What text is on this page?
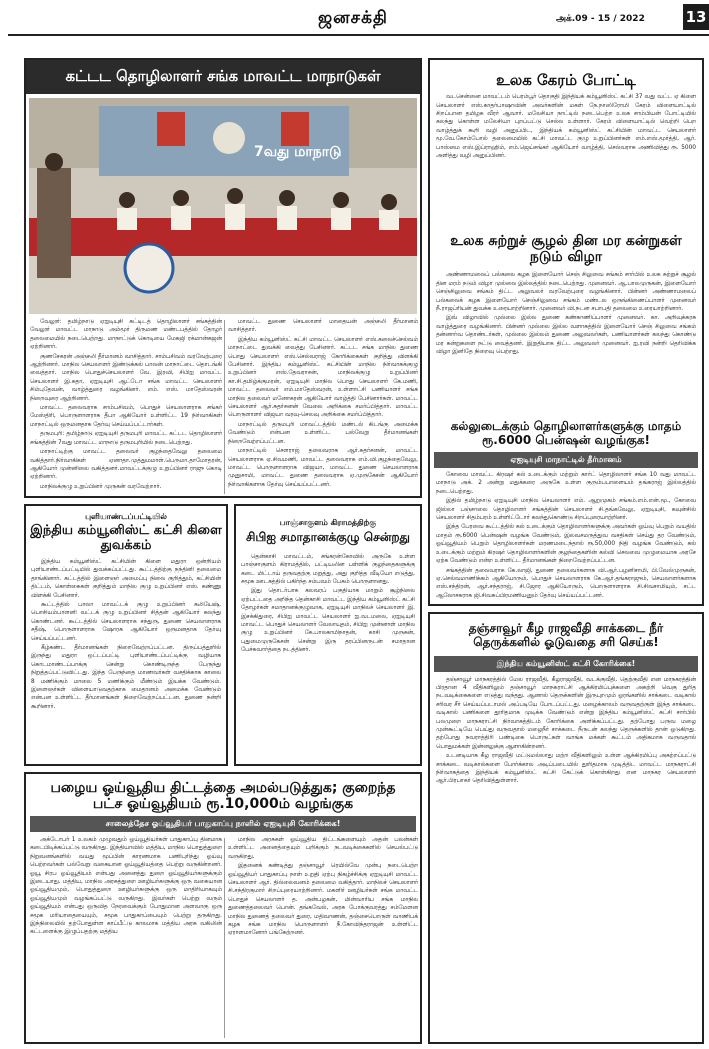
ஜனசக்தி	அக்.09 - 15 / 2022	13
கட்டட தொழிலாளர் சங்க மாவட்ட மாநாடுகள்
7வது மாநாடு

வேலூர்: தமிழ்நாடு ஏஐடியுசி கட்டிடத் தொழிலாளர் சங்கத்தின் வேலூர் மாவட்ட மாநாடு அம்மூர் திருமண மண்டபத்தில் தோழர் தலைமையில் நடைபெற்றது. மாநாட்டுக் கொடியை மேகஜி ரக்மான்கஜன் ஏற்றினார்.

குணசேகரன் அஞ்சலி தீர்மானம் வாசித்தார். சாம்பசிவம் வரவேற்புரை ஆற்றினார். மாநில செயலாளர் இண்டுக்கல் பாலன் மாநாட்டை தொடங்கி வைத்தார். மாநில பொதுச்செயலாளர் வே. இரவி, சிபிஐ மாவட்ட செயலாளர் இ.கதா, ஏஐடியுசி ஆட்டோ சங்க மாவட்ட செயலாளர் சிம்புதேவன், வாழ்த்துரை வழங்கினர். எம். எஸ். மாதேஸ்வரன் நிறைவுரை ஆற்றினார்.

மாவட்ட தலைவராக சாம்பசிவம், பொதுச் செயலாளராக சங்கர் மேஸ்திரி, பொருளாளராக தீபா ஆகியோர் உள்ளிட்ட 19 நிர்வாகிகள் மாநாட்டில் ஒருமனதாக தேர்வு செய்யப்பட்டார்கள்.

தருமபுரி: தமிழ்நாடு ஏஐடியுசி தருமபுரி மாவட்ட கட்டட தொழிலாளர் சங்கத்தின் 7வது மாவட்ட மாநாடு தருமபுரியில் நடைபெற்றது.

மாநாட்டிற்கு மாவட்ட தலைவர் குழந்தைவேலு தலைமை வகித்தார்.நிர்வாகிகள் ஏனாதா.முத்துமமாள்.பெருமா.தாமோதரன், ஆகியோர் முன்னிலை வகித்தனர்.மாவட்டக்குழு உறுப்பினர் ராஜு கொடி ஏற்றினார்.

மாநிலக்குழு உறுப்பினர் முருகன் வரவேற்றார்.

மாவட்ட துணை செயலாளர் மாதையன் அஞ்சலி தீர்மானம் வாசித்தார்.

இந்திய கம்யூனிஸ்ட் கட்சி மாவட்ட செயலாளர் எஸ்.கலைச்செல்வம் மாநாட்டை துவக்கி வைத்து பேசினார். கட்டட சங்க மாநில துணை பொது செயலாளர் எஸ்.செல்வராஜ் கோரிக்கைகள் குறித்து விளக்கி பேசினார். இந்திய கம்யூனிஸ்ட் கட்சியின் மாநில நிர்வாகக்குழு உறுப்பினர் எஸ்.தேவராசன், மாநிலக்குழு உறுப்பினர் கா.சி.தமிழ்க்குமரன், ஏஐடியுசி மாநில பொது செயலாளர் கே.மணி, மாவட்ட தலைவர் எம்.மாதேஸ்வரன், உள்ளாட்சி பணியாளர் சங்க மாநில தலைவர் மனோகரன் ஆகியோர் வாழ்த்தி பேசினார்கள். மாவட்ட செயலாளர் ஆர்.சுதர்சனன் வேலை அறிக்கை சமர்ப்பித்தார். மாவட்ட பொருளாளர் விஜயா வரவு-செலவு அறிக்கை சமர்ப்பித்தார்.

மாநாட்டில் தருமபுரி மாவட்டத்தில் மண்டல் கிடங்கு அமைக்க வேண்டும் என்பன உள்ளிட்ட பல்வேறு தீர்மானங்கள் நிறைவேற்றப்பட்டன.

மாநாட்டில் செளராஜ் தலைவராக ஆர்.சுதர்சனன், மாவட்ட செயலாளராக ஏ.சிவமணி, மாவட்ட தலைவராக எம்.வி.குழந்தைவேலு, மாவட்ட பொருளாளராக விஜயா, மாவட்ட துணை செயலாளராக முனுசாமி, மாவட்ட துணை தலைவராக ஏ.முருகேசன் ஆகியோர் நிர்வாகிகளாக தேர்வு செய்யப்பட்டனர்.

உலக கேரம் போட்டி

வடசென்னை மாவட்டம் பெரம்பூர் தொகுதி இந்தியக் கம்யூனிஸ்ட் கட்சி 37 வது வட்ட ஏ கிளை செயலாளர் எஸ்.காதர்பாஷாவின் அவர்களின் மகள் நே.நாஸிரோமி கேரம் விளையாட்டில் சிறப்பான தமிழக வீரர் ஆவார். மலேசியா நாட்டில் நடைபெற்ற உலக சாம்பியன் போட்டியில் கலந்து கொள்ள மலேசியா புறப்பட்டு செல்ல உள்ளார். கேரம் விளையாட்டில் வெற்றி பெற வாழ்த்துக் கூறி வழி அனுப்பிட, இந்தியக் கம்யூனிஸ்ட் கட்சியின் மாவட்ட செயலாளர் மூ.வே.கோம்போல் தலைமையில் கட்சி மாவட்ட குழு உறுப்பினர்கள் எம்.எஸ்.மூர்த்தி, ஆர். பாஸ்மை எஸ்.இப்ராஹிம், எம்.ஜெய்சங்கர் ஆகியோர் வாழ்த்தி, செல்வராசு அணிவித்து ரூ. 5000 அளித்து வழி அனுப்பினர்.

உலக சுற்றுச் சூழல் தின மர கன்றுகள் நடும் விழா

அண்ணாமலைப் பல்கலை கழக இளையோர் செஞ் சிலுவை சங்கம் சார்பில் உலக சுற்றுச் சூழல் தின மரம் நடும் விழா முல்லை இல்லத்தில் நடைபெற்றது. முனைவர். ஆ.பாலமுருகன், இளையோர் செஞ்சிலுவை சங்கம் திட்ட அலுவலர் வரவேற்புரை வழங்கினார். பின்னர் அண்ணாமலைப் பல்கலைக் கழக இளையோர் செஞ்சிலுவை சங்கம் மண்டல ஒருங்கிணைப்பாளர் முனைவர் நீ.ராஜப்ரியன் துவக்க உரையாற்றினார். முனைவர் வி.நடன சபாபதி தலைமை உரையாற்றினார்.

இவ் விழாவில் முல்லை இல்ல துணை கண்காணிப்பாளர் முனைவர். கா. அறிவுக்கரசு வாழ்த்துரை வழங்கினார். பின்னர் முல்லை இல்ல வளாகத்தில் இளையோர் செஞ் சிலுவை சங்கம் தன்னார்வ தொண்டர்கள், முல்லை இல்லம் துணை அலுவலர்கள், பணியாளர்கள் கலந்து கொண்டு மர கன்றுகளை நட்டு வைத்தனர். இறுதியாக திட்ட அலுவலர் முனைவர். ஐ.ரவி நன்றி தெரிவிக்க விழா இனிதே நிறைவு பெற்றது.

கல்லுடைக்கும் தொழிலாளர்களுக்கு மாதம் ரூ.6000 பென்ஷன் வழங்குக!
ஏஐடியுசி மாநாட்டில் தீர்மானம்

கோவை மாவட்ட கிரஷர் கல் உடைக்கும் மற்றும் கார்ட் தொழிலாளர் சங்க 10 வது மாவட்ட மாநாடு அக். 2 அன்று மதுக்கரை அருகே உள்ள குரும்பபாளையம் தங்கராஜ் இல்லத்தில் நடைபெற்றது.

இதில் தமிழ்நாடு ஏஐடியுசி மாநில செயலாளர் எம். ஆறுமுகம் சங்கம்.எம்.என்.மூ., கோவை ஜில்லா பஞ்சாலை தொழிலாளர் சங்கத்தின் செயலாளர் சி.தங்கவேலு, ஏஐடியுசி, கவுன்சில் செயலாளர் சிதம்பரம் உள்ளிட்டோர் கலந்துகொண்டு சிறப்புரையாற்றினர்.

இந்த பேரவை கூட்டத்தில் கல் உடைக்கும் தொழிலாளர்களுக்கு அவர்கள் ஓய்வு பெறும் வயதில் மாதம் ரூ.6000 பென்ஷன் வழங்க வேண்டும், இலவசமருத்துவ வசதிகள் செய்து தர வேண்டும், ஓய்வூதியம் பெறும் தொழிலாளர்கள் மரணமடைந்தால் ரூ.50,000 நிதி வழங்க வேண்டும், கல் உடைக்கும் மற்றும் கிரஷர் தொழிலாளர்களின் குழந்தைகளின் கல்வி செலவை முழுமையாக அரசே ஏற்க வேண்டும் என்ற உள்ளிட்ட தீர்மானங்கள் நிறைவேற்றப்பட்டன.

சங்கத்தின் தலைவராக கே.லாஜி, துணை தலைவர்களாக வி.ஆர்.பழனிசாமி, பி.வேல்முருகன், ஏ.செல்வமாணிக்கம் ஆகியோரும், பொதுச் செயலாளராக கே.ஆர்.தங்கராஜும், செயலாளர்களாக எஸ்.சந்திரன், ஆர்.சந்தராஜ், சி.ஜோர ஆகியோரும், பொருளாளராக சி.சிவசாமியும், சட்ட ஆலோசகராக ஜி.சிவசுப்பிரமணியனும் தேர்வு செய்யப்பட்டனர்.

புளியாண்டப்பட்டியில்
இந்திய கம்யூனிஸ்ட் கட்சி கிளை துவக்கம்

இந்திய கம்யூனிஸ்ட் கட்சியின் கிளை மதுரா ஒன்றியம் புளியாண்டப்பட்டியில் துவக்கப்பட்டது. கூட்டத்திற்கு நந்தினி தலைமை தாங்கினார். கட்டத்தில் இளைஞர் அமைப்பு நிலை குறித்தும், கட்சியின் திட்டம், கொள்கைகள் குறித்தும் மாநில குழு உறுப்பினர் எஸ். கண்ணு விளக்கி பேசினார்.

கூட்டத்தில் பாலா மாவட்டக் குழு உறுப்பினர் கலியேஷ், பொசியம்பாளனி வட்டக் குழு உறுப்பினர் சித்தன் ஆகியோர் கலந்து கொண்டனர். கூட்டத்தில் செயலாளராக சந்துரு, துணை செயலாளராக சதீஷ், பொருளாளராக ஷோரக ஆகியோர் ஒருமனதாக தேர்வு செய்யப்பட்டனர்.

கீழ்கண்ட தீர்மானங்கள் நிறைவேற்றப்பட்டன. திருப்பத்தூரில் இருந்து மதுரா ஒட்டப்பட்டி புளியாண்டப்பட்டிக்கு வழியாக கொடமாண்டப்பாக்கு சென்று கொண்டிருந்த பேருந்து நிறுத்தப்பட்டுவிட்டது. இந்த பேருந்தை மாணவர்கள் வசதிக்காக காலை 8 மணிக்கும் மாலை 5 மணிக்கும் மீண்டும் இயக்க வேண்டும். இளைஞர்கள் விளையாடுவதற்காக மைதானம் அமைக்க வேண்டும் என்பன உள்ளிட்ட தீர்மானங்கள் நிறைவேற்றப்பட்டன. துணை நன்றி கூறினார்.

பாஞ்சாகுளம் கிராமத்திற்கு
சிபிஐ சமாதானக்குழு சென்றது

தென்காசி மாவட்டம், சங்கரன்கோவில் அருகே உள்ள பாஞ்சாகுளம் கிராமத்தில், பட்டியலின பள்ளிக் குழந்தைகளுக்கு கடை மிட்டாய் தருவதற்கு மறுத்து, அது குறித்த வீடியோ எடுத்து, சமூக ஊடகத்தில் பகிர்ந்த சம்பவம் பேசும் பொருளானது.

இது தொடர்பாக கலவரப் பகுதியாக மாறும் சூழ்நிலை ஏற்பட்டதை அறிந்த தென்காசி மாவட்ட இந்திய கம்யூனிஸ்ட் கட்சி தோழர்கள் சமாதானக்குழுவாக, ஏஐடியுசி மாநிலச் செயலாளர் இ. இசக்கிதுரை, சிபிஐ மாவட்ட செயலாளர் ஐ.வடமலை, ஏஐடியுசி மாவட்ட பொதுச் செயலாளர் வேலாயுதம், சிபிஐ முன்னாள் மாநில குழு உறுப்பினர் கே.பாலகாமிநாதன், காசி முருகன், புதுமைமுருகேசன் சென்று இரு தரப்பினருடன் சமாதான பேச்சுவார்த்தை நடத்தினர்.

தஞ்சாவூர் கீழ ராஜவீதி சாக்கடை நீர் தெருக்களில் ஓடுவதை சரி செய்க!
இந்திய கம்யூனிஸ்ட் கட்சி கோரிக்கை!

தஞ்சாவூர் மாநகரத்தில் மேல ராஜவீதி, கீழராஜவீதி, வடக்குவீதி, தெற்குவீதி என மாநகரத்தின் பிரதான 4 வீதிகளிலும் தஞ்சாவூர் மாநகராட்சி ஆக்கிரமிப்புக்களை அகற்றி வெகு துரித நடவடிக்கைகளை எடுத்து வந்தது. ஆனால் தெருக்களின் இருபுறமும் ஓரங்களில் சாக்கடை வடிகால் சரிவர சீர் செய்யப்படாமல் அப்படியே போடப்பட்டது. மழைக்காலம் வருவதற்குள் இந்த சாக்கடை வடிகால் பணிகளை தூரிதமாக முடிக்க வேண்டும் என்று இந்திய கம்யூனிஸ்ட் கட்சி சார்பில் பலமுறை மாநகராட்சி நிர்வாகத்திடம் கோரிக்கை அளிக்கப்பட்டது. தற்போது பருவ மழை முன்கூட்டியே பெய்து வருவதால் மழைநீர் சாக்கடை நீருடன் கலந்து தெருக்களில் தான் ஓடுகிறது. தற்போது நவராத்திரி பண்டிகை பொருட்கள் வாங்க மக்கள் கூட்டம் அதிகமாக வருவதால் பொதுமக்கள் இன்னலுக்கு ஆளாகின்றனர்.

உடனடியாக கீழ ராஜவீதி மட்டுமல்லாது மற்ற வீதிகளிலும் உள்ள ஆக்கிரமிப்பு அகற்றப்பட்டு சாக்கடை வடிகால்களை போர்க்கால அடிப்படையில் தூரிதமாக முடித்திட மாவட்ட மாநகராட்சி நிர்வாகத்தை இந்தியக் கம்யூனிஸ்ட் கட்சி கேட்டுக் கொள்கிறது என மாநகர செயலாளர் ஆர்.பிரபாகர் தெரிவித்துள்ளார்.

பழைய ஓய்வூதிய திட்டத்தை அமல்படுத்துக; குறைந்த பட்ச ஓய்வூதியம் ரூ.10,000ம் வழங்குக
சாலைத்தேச ஓய்வூதியர் பாதுகாப்பு நாளில் ஏஐடியுசி கோரிக்கை!

அக்டோபர் 1 உலகம் முழுவதும் ஓய்வூதியர்கள் பாதுகாப்பு தினமாக கடைபிடிக்கப்பட்டு வருகிறது. இந்தியாவில் மத்திய, மாநில பொதுத்துறை நிறுவனங்களில் வயது மூப்பின் காரணமாக பணிபுரிந்து ஓய்வு பெற்றவர்கள் பல்வேறு வகையான ஓய்வூதியத்தை பெற்று வருகின்றனர். ஓயூ சிரப ஓய்வூதியம் என்பது அனைத்து துறை ஓய்வூதியர்களுக்கும் இடையாது. மத்திய, மாநில அரசுத்துறை ஊழியர்களுக்கு ஒரு வகையான ஓய்வூதியமும், பொதுத்துறை ஊழியர்களுக்கு ஒரு மாதிரியாகவும் ஓய்வூதியமும் வழங்கப்பட்டு வருகிறது. இவர்கள் பெற்று வரும் ஓய்வூதியம் என்பது ஒருவித நேரவைக்கும் போதுமான அளவாகு ஒரு சமூக மரியாதையையும், சமூக பாதுகாப்பையும் பெற்று தருகிறது. இந்நிலையில் தற்போதுள்ள காப்பீட்டு காலமாக மத்திய அரசு வகிலின் கட்டளைக்கு இழுப்பதற்கு மத்திய

மாநில அரசுகள் ஓய்வூதிய திட்டங்களையும் அதன் பலன்கள் உள்ளிட்ட அனைத்தையும் பறிக்கும் நடவடிக்கைகளில் செயல்பட்டு வருகிறது.

இதனைக் கண்டித்து தஞ்சாவூர் ரெயில்வே முன்பு நடைபெற்ற ஓய்வூதியர் பாதுகாப்பு நாள் உறுதி ஏற்பு நிகழ்ச்சிக்கு ஏஐடியுசி மாவட்ட செயலாளர் ஆர். தில்லைவனம் தலைமை வகித்தார். மாநிலச் செயலாளர் சி.சந்திரகுமார் சிறப்புரையாற்றினார். மகளிர் ஊழியர்கள் சங்க மாவட்ட பொதுச் செயலாளர் த. அன்பழகன், மின்வாரிய சங்க மாநில துணைத்தலைவர் பொன். தங்கவேல், அரசு போக்குவரத்து சம்மேளன மாநில துணைத் தலைவர் துரை, மதிவாணன், தஞ்சைபொருள் வாணிபக் கழக சங்க மாநில பொருளாளர் நீ.கோவிந்தராஜன் உள்ளிட்ட ஏராளமானோர் பங்கேற்றனர்.
